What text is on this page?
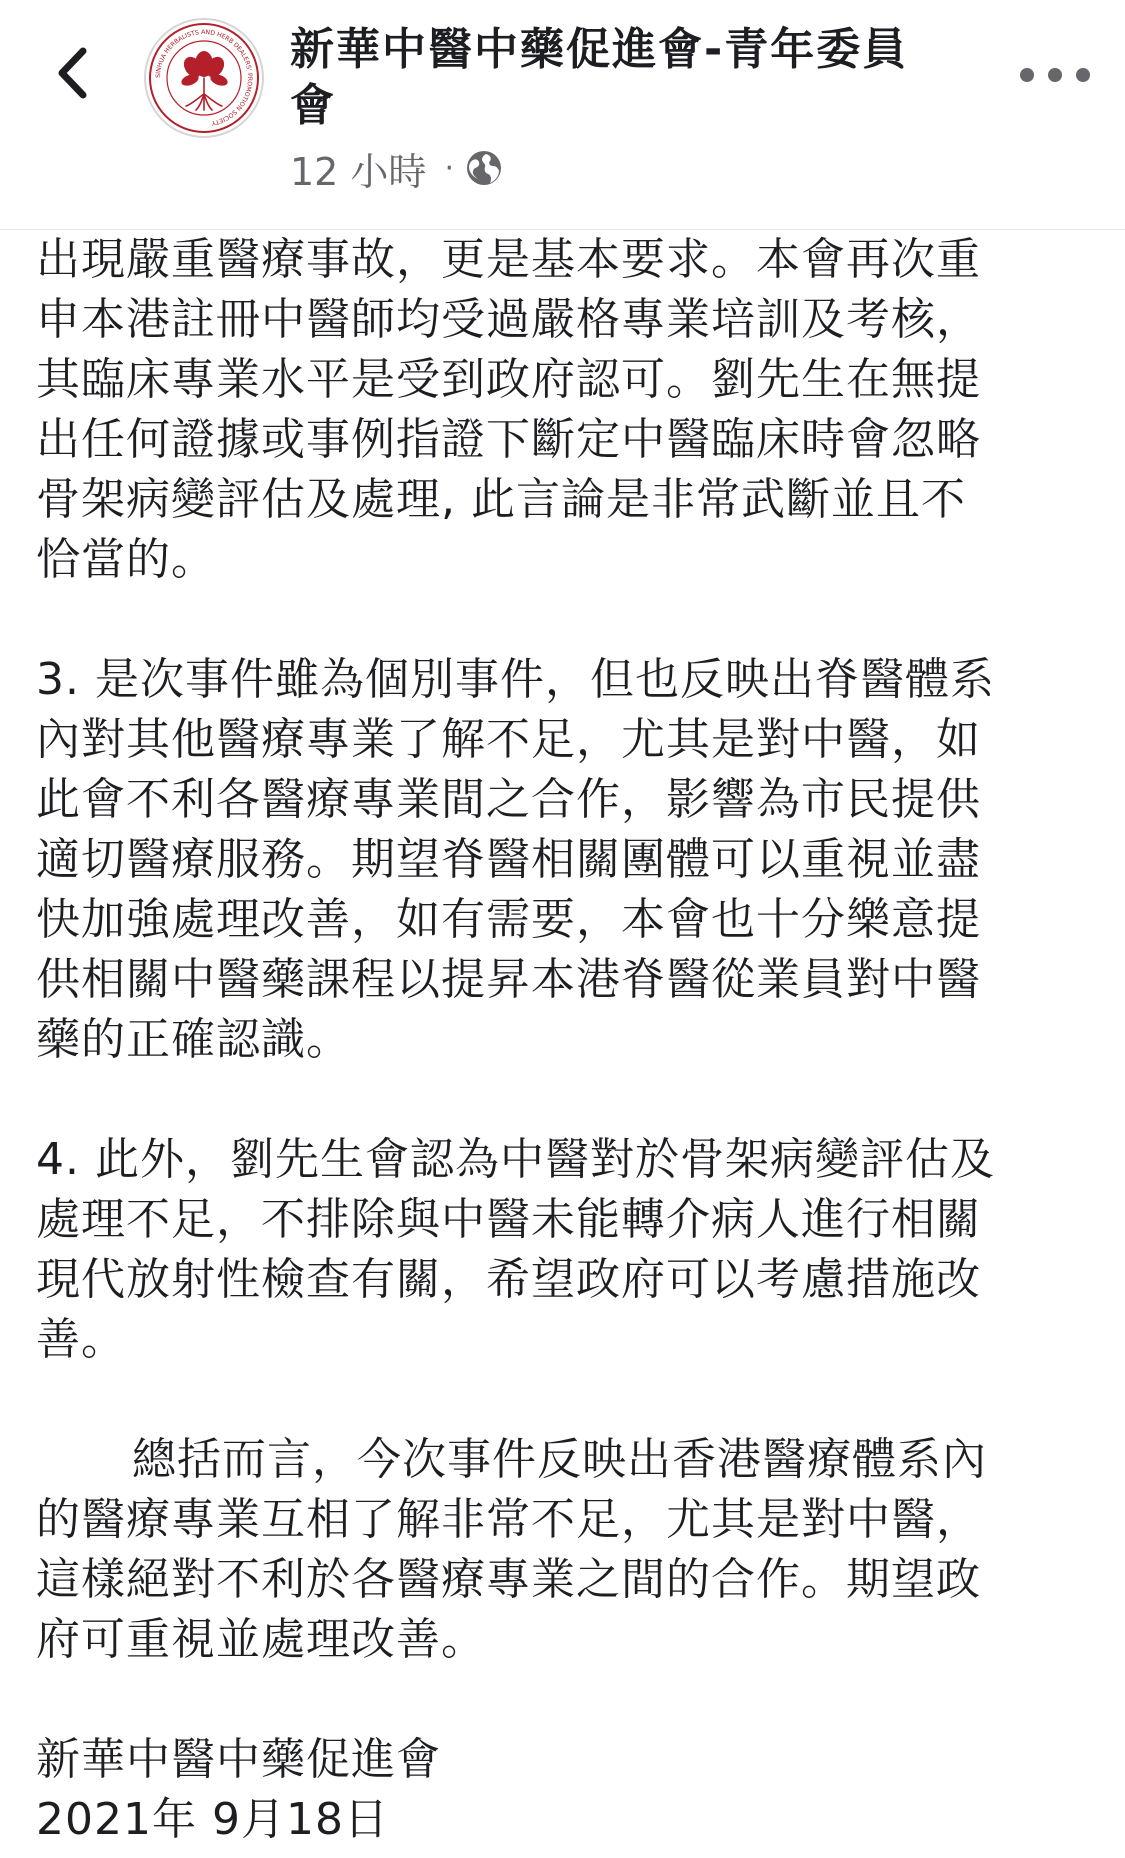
SINHUA HERBALISTS AND HERB DEALERS' PROMOTION SOCIETY
新華中醫中藥促進會-青年委員
會
12 小時 ·
出現嚴重醫療事故，更是基本要求。本會再次重
申本港註冊中醫師均受過嚴格專業培訓及考核，
其臨床專業水平是受到政府認可。劉先生在無提
出任何證據或事例指證下斷定中醫臨床時會忽略
骨架病變評估及處理, 此言論是非常武斷並且不
恰當的。
3. 是次事件雖為個別事件，但也反映出脊醫體系
內對其他醫療專業了解不足，尤其是對中醫，如
此會不利各醫療專業間之合作，影響為市民提供
適切醫療服務。期望脊醫相關團體可以重視並盡
快加強處理改善，如有需要，本會也十分樂意提
供相關中醫藥課程以提昇本港脊醫從業員對中醫
藥的正確認識。
4. 此外，劉先生會認為中醫對於骨架病變評估及
處理不足，不排除與中醫未能轉介病人進行相關
現代放射性檢查有關，希望政府可以考慮措施改
善。
總括而言，今次事件反映出香港醫療體系內
的醫療專業互相了解非常不足，尤其是對中醫，
這樣絕對不利於各醫療專業之間的合作。期望政
府可重視並處理改善。
新華中醫中藥促進會
2021年 9月18日
